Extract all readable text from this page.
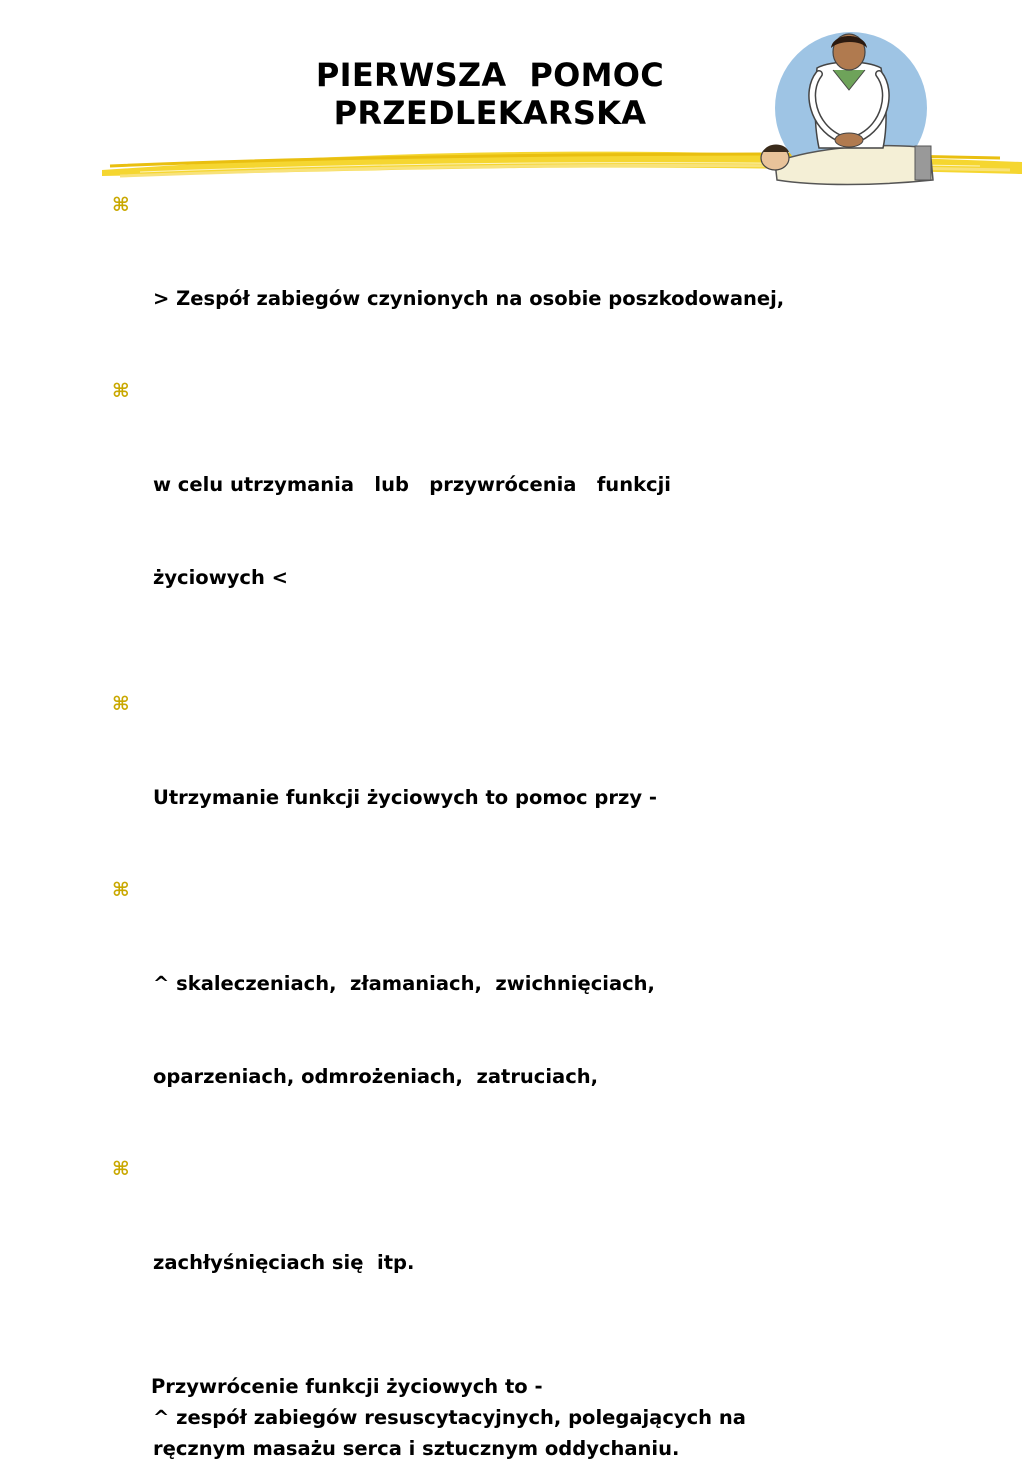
PIERWSZA  POMOC
PRZEDLEKARSKA

⌘

> Zespół zabiegów czynionych na osobie poszkodowanej,

⌘

w celu utrzymania   lub   przywrócenia   funkcji

życiowych <

⌘

Utrzymanie funkcji życiowych to pomoc przy -

⌘

^ skaleczeniach,  złamaniach,  zwichnięciach,

oparzeniach, odmrożeniach,  zatruciach,

⌘

zachłyśnięciach się  itp.

Przywrócenie funkcji życiowych to -
^ zespół zabiegów resuscytacyjnych, polegających na
ręcznym masażu serca i sztucznym oddychaniu.
